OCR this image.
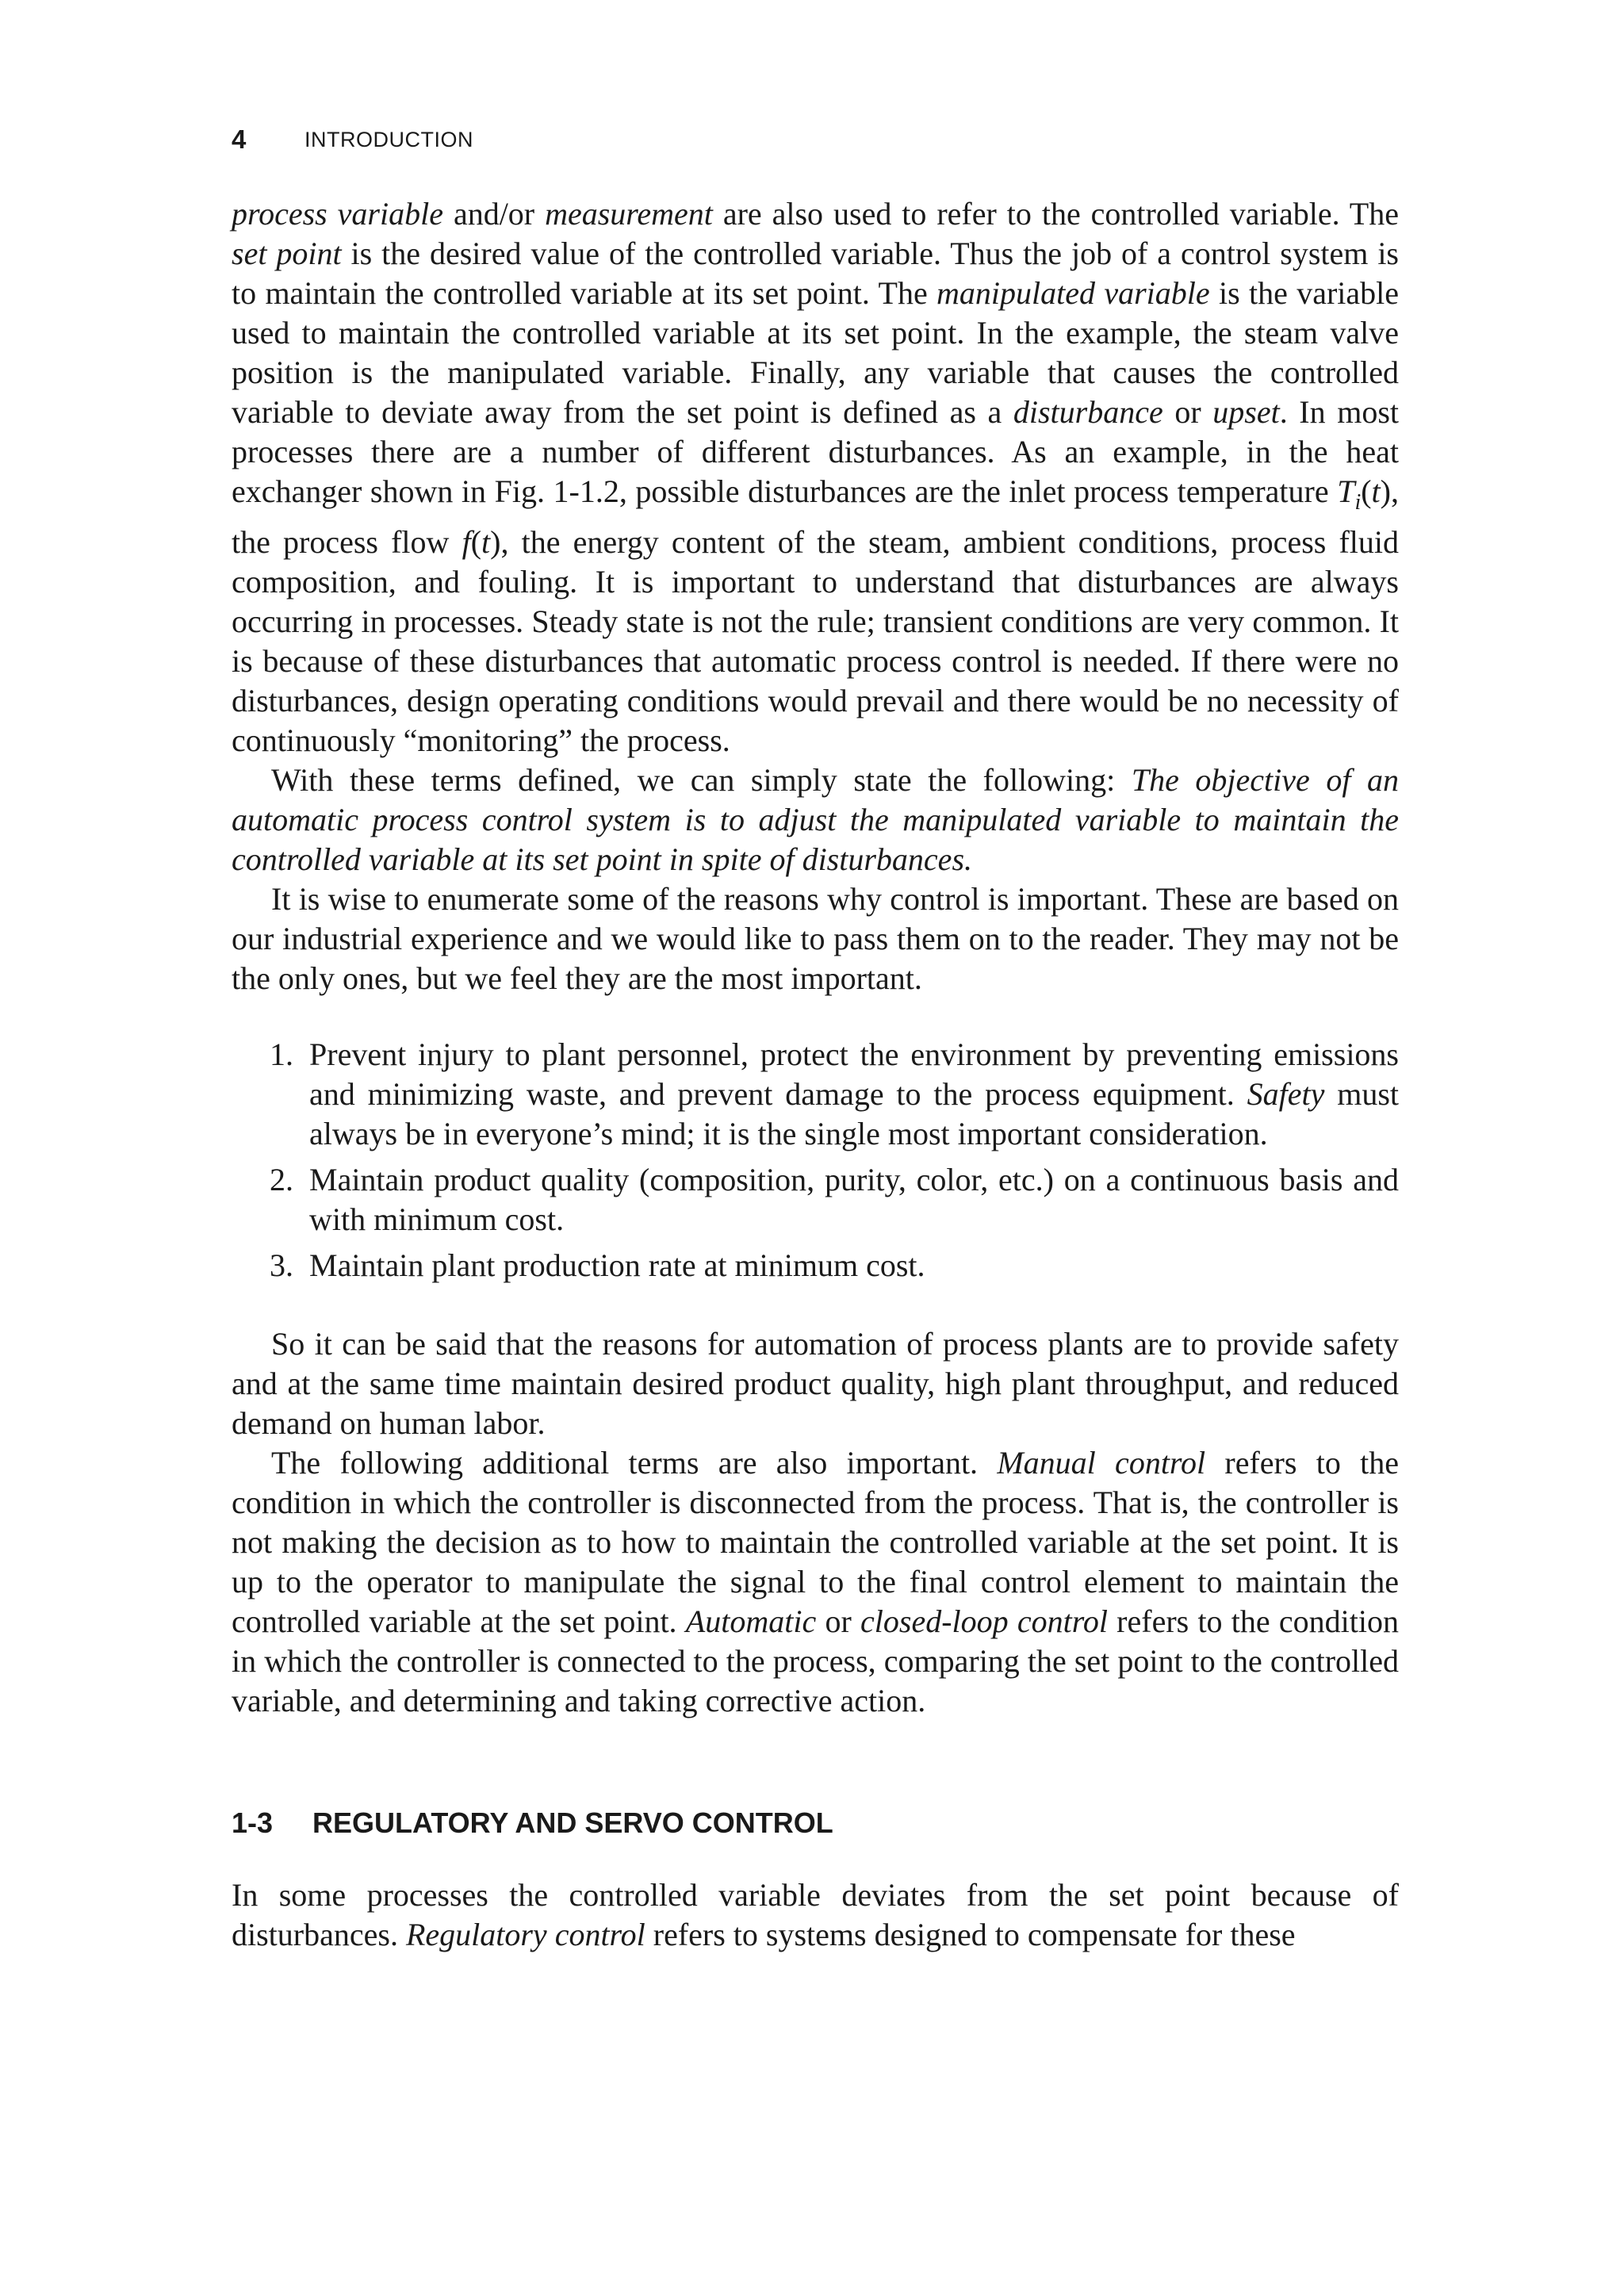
4	INTRODUCTION

process variable and/or measurement are also used to refer to the controlled variable. The set point is the desired value of the controlled variable. Thus the job of a control system is to maintain the controlled variable at its set point. The manipulated variable is the variable used to maintain the controlled variable at its set point. In the example, the steam valve position is the manipulated variable. Finally, any variable that causes the controlled variable to deviate away from the set point is defined as a disturbance or upset. In most processes there are a number of different disturbances. As an example, in the heat exchanger shown in Fig. 1-1.2, possible disturbances are the inlet process temperature $T_i(t)$, the process flow f(t), the energy content of the steam, ambient conditions, process fluid composition, and fouling. It is important to understand that disturbances are always occurring in processes. Steady state is not the rule; transient conditions are very common. It is because of these disturbances that automatic process control is needed. If there were no disturbances, design operating conditions would prevail and there would be no necessity of continuously “monitoring” the process.

With these terms defined, we can simply state the following: The objective of an automatic process control system is to adjust the manipulated variable to maintain the controlled variable at its set point in spite of disturbances.

It is wise to enumerate some of the reasons why control is important. These are based on our industrial experience and we would like to pass them on to the reader. They may not be the only ones, but we feel they are the most important.

1. Prevent injury to plant personnel, protect the environment by preventing emissions and minimizing waste, and prevent damage to the process equipment. Safety must always be in everyone’s mind; it is the single most important consideration.
2. Maintain product quality (composition, purity, color, etc.) on a continuous basis and with minimum cost.
3. Maintain plant production rate at minimum cost.

So it can be said that the reasons for automation of process plants are to provide safety and at the same time maintain desired product quality, high plant throughput, and reduced demand on human labor.

The following additional terms are also important. Manual control refers to the condition in which the controller is disconnected from the process. That is, the controller is not making the decision as to how to maintain the controlled variable at the set point. It is up to the operator to manipulate the signal to the final control element to maintain the controlled variable at the set point. Automatic or closed-loop control refers to the condition in which the controller is connected to the process, comparing the set point to the controlled variable, and determining and taking corrective action.

1-3 REGULATORY AND SERVO CONTROL

In some processes the controlled variable deviates from the set point because of disturbances. Regulatory control refers to systems designed to compensate for these
